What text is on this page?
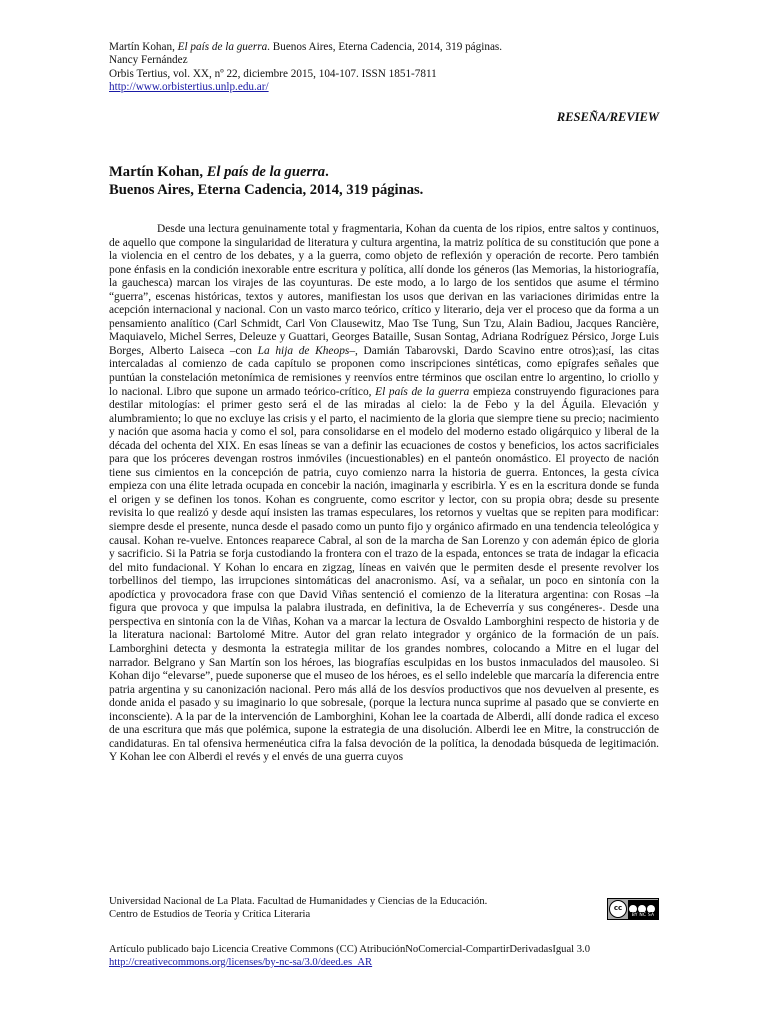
Martín Kohan, El país de la guerra. Buenos Aires, Eterna Cadencia, 2014, 319 páginas.
Nancy Fernández
Orbis Tertius, vol. XX, nº 22, diciembre 2015, 104-107. ISSN 1851-7811
http://www.orbistertius.unlp.edu.ar/
RESEÑA/REVIEW
Martín Kohan, El país de la guerra.
Buenos Aires, Eterna Cadencia, 2014, 319 páginas.

Desde una lectura genuinamente total y fragmentaria, Kohan da cuenta de los ripios, entre saltos y continuos, de aquello que compone la singularidad de literatura y cultura argentina, la matriz política de su constitución que pone a la violencia en el centro de los debates, y a la guerra, como objeto de reflexión y operación de recorte. Pero también pone énfasis en la condición inexorable entre escritura y política, allí donde los géneros (las Memorias, la historiografía, la gauchesca) marcan los virajes de las coyunturas. De este modo, a lo largo de los sentidos que asume el término “guerra”, escenas históricas, textos y autores, manifiestan los usos que derivan en las variaciones dirimidas entre la acepción internacional y nacional. Con un vasto marco teórico, crítico y literario, deja ver el proceso que da forma a un pensamiento analítico (Carl Schmidt, Carl Von Clausewitz, Mao Tse Tung, Sun Tzu, Alain Badiou, Jacques Rancière, Maquiavelo, Michel Serres, Deleuze y Guattari, Georges Bataille, Susan Sontag, Adriana Rodríguez Pérsico, Jorge Luis Borges, Alberto Laiseca –con La hija de Kheops–, Damián Tabarovski, Dardo Scavino entre otros);así, las citas intercaladas al comienzo de cada capítulo se proponen como inscripciones sintéticas, como epígrafes señales que puntúan la constelación metonímica de remisiones y reenvíos entre términos que oscilan entre lo argentino, lo criollo y lo nacional. Libro que supone un armado teórico-crítico, El país de la guerra empieza construyendo figuraciones para destilar mitologías: el primer gesto será el de las miradas al cielo: la de Febo y la del Águila. Elevación y alumbramiento; lo que no excluye las crisis y el parto, el nacimiento de la gloria que siempre tiene su precio; nacimiento y nación que asoma hacia y como el sol, para consolidarse en el modelo del moderno estado oligárquico y liberal de la década del ochenta del XIX. En esas líneas se van a definir las ecuaciones de costos y beneficios, los actos sacrificiales para que los próceres devengan rostros inmóviles (incuestionables) en el panteón onomástico. El proyecto de nación tiene sus cimientos en la concepción de patria, cuyo comienzo narra la historia de guerra. Entonces, la gesta cívica empieza con una élite letrada ocupada en concebir la nación, imaginarla y escribirla. Y es en la escritura donde se funda el origen y se definen los tonos. Kohan es congruente, como escritor y lector, con su propia obra; desde su presente revisita lo que realizó y desde aquí insisten las tramas especulares, los retornos y vueltas que se repiten para modificar: siempre desde el presente, nunca desde el pasado como un punto fijo y orgánico afirmado en una tendencia teleológica y causal. Kohan re-vuelve. Entonces reaparece Cabral, al son de la marcha de San Lorenzo y con ademán épico de gloria y sacrificio. Si la Patria se forja custodiando la frontera con el trazo de la espada, entonces se trata de indagar la eficacia del mito fundacional. Y Kohan lo encara en zigzag, líneas en vaivén que le permiten desde el presente revolver los torbellinos del tiempo, las irrupciones sintomáticas del anacronismo. Así, va a señalar, un poco en sintonía con la apodíctica y provocadora frase con que David Viñas sentenció el comienzo de la literatura argentina: con Rosas –la figura que provoca y que impulsa la palabra ilustrada, en definitiva, la de Echeverría y sus congéneres-. Desde una perspectiva en sintonía con la de Viñas, Kohan va a marcar la lectura de Osvaldo Lamborghini respecto de historia y de la literatura nacional: Bartolomé Mitre. Autor del gran relato integrador y orgánico de la formación de un país. Lamborghini detecta y desmonta la estrategia militar de los grandes nombres, colocando a Mitre en el lugar del narrador. Belgrano y San Martín son los héroes, las biografías esculpidas en los bustos inmaculados del mausoleo. Si Kohan dijo “elevarse”, puede suponerse que el museo de los héroes, es el sello indeleble que marcaría la diferencia entre patria argentina y su canonización nacional. Pero más allá de los desvíos productivos que nos devuelven al presente, es donde anida el pasado y su imaginario lo que sobresale, (porque la lectura nunca suprime al pasado que se convierte en inconsciente). A la par de la intervención de Lamborghini, Kohan lee la coartada de Alberdi, allí donde radica el exceso de una escritura que más que polémica, supone la estrategia de una disolución. Alberdi lee en Mitre, la construcción de candidaturas. En tal ofensiva hermenéutica cifra la falsa devoción de la política, la denodada búsqueda de legitimación. Y Kohan lee con Alberdi el revés y el envés de una guerra cuyos

Universidad Nacional de La Plata. Facultad de Humanidades y Ciencias de la Educación.
Centro de Estudios de Teoría y Crítica Literaria
Artículo publicado bajo Licencia Creative Commons (CC) AtribuciónNoComercial-CompartirDerivadasIgual 3.0
http://creativecommons.org/licenses/by-nc-sa/3.0/deed.es_AR
cc
BY NC SA
